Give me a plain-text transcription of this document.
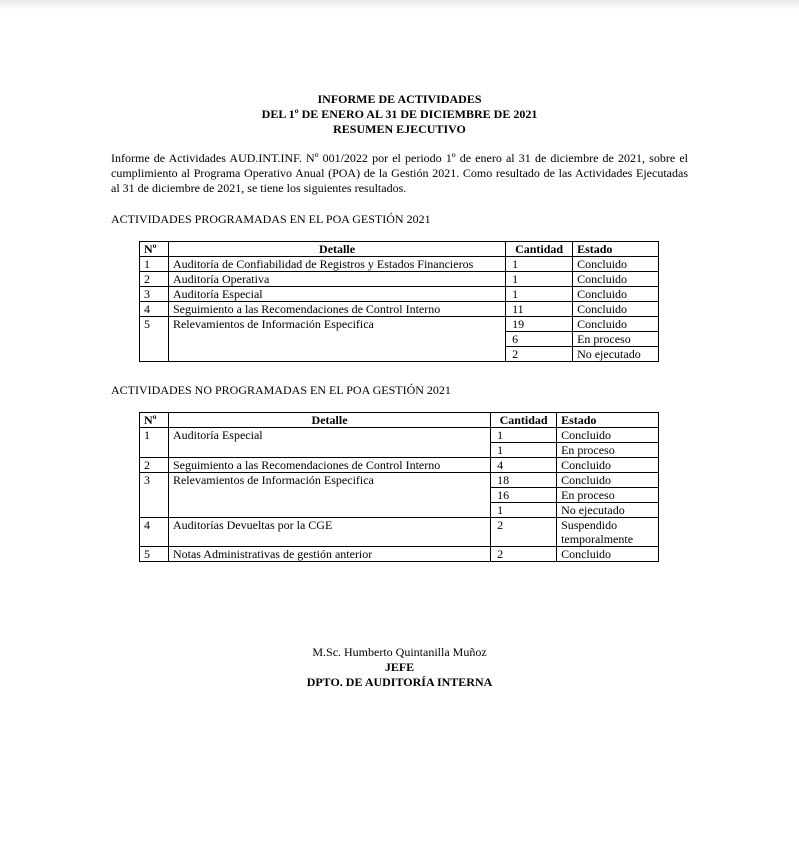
INFORME DE ACTIVIDADES
DEL 1º DE ENERO AL 31 DE DICIEMBRE DE 2021
RESUMEN EJECUTIVO
Informe de Actividades AUD.INT.INF. Nº 001/2022 por el periodo 1º de enero al 31 de diciembre de 2021, sobre el cumplimiento al Programa Operativo Anual (POA) de la Gestión 2021. Como resultado de las Actividades Ejecutadas al 31 de diciembre de 2021, se tiene los siguientes resultados.
ACTIVIDADES PROGRAMADAS EN EL POA GESTIÓN 2021
Nº	Detalle	Cantidad	Estado
1	Auditoría de Confiabilidad de Registros y Estados Financieros	1	Concluido
2	Auditoría Operativa	1	Concluido
3	Auditoría Especial	1	Concluido
4	Seguimiento a las Recomendaciones de Control Interno	11	Concluido
5	Relevamientos de Información Especifica	19	Concluido
		6	En proceso
		2	No ejecutado
ACTIVIDADES NO PROGRAMADAS EN EL POA GESTIÓN 2021
Nº	Detalle	Cantidad	Estado
1	Auditoría Especial	1	Concluido
		1	En proceso
2	Seguimiento a las Recomendaciones de Control Interno	4	Concluido
3	Relevamientos de Información Especifica	18	Concluido
		16	En proceso
		1	No ejecutado
4	Auditorías Devueltas por la CGE	2	Suspendido temporalmente
5	Notas Administrativas de gestión anterior	2	Concluido
M.Sc. Humberto Quintanilla Muñoz
JEFE
DPTO. DE AUDITORÍA INTERNA
